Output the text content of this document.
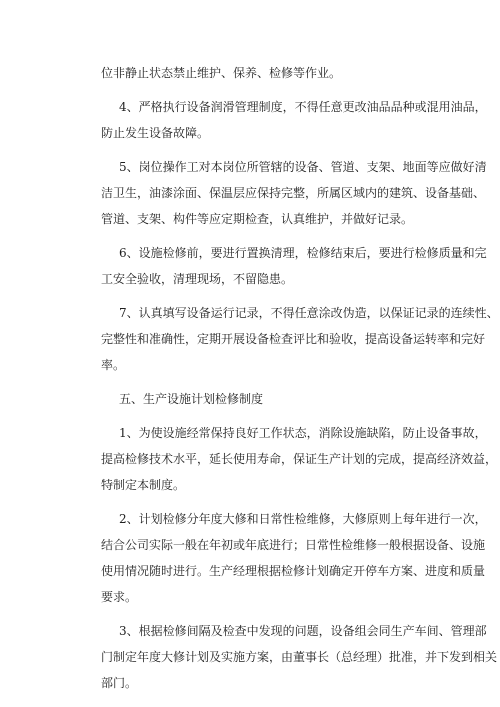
位非静止状态禁止维护、保养、检修等作业。
4、严格执行设备润滑管理制度，不得任意更改油品品种或混用油品，
防止发生设备故障。
5、岗位操作工对本岗位所管辖的设备、管道、支架、地面等应做好清
洁卫生，油漆涂面、保温层应保持完整，所属区域内的建筑、设备基础、
管道、支架、构件等应定期检查，认真维护，并做好记录。
6、设施检修前，要进行置换清理，检修结束后，要进行检修质量和完
工安全验收，清理现场，不留隐患。
7、认真填写设备运行记录，不得任意涂改伪造，以保证记录的连续性、
完整性和准确性，定期开展设备检查评比和验收，提高设备运转率和完好
率。
五、生产设施计划检修制度
1、为使设施经常保持良好工作状态，消除设施缺陷，防止设备事故，
提高检修技术水平，延长使用寿命，保证生产计划的完成，提高经济效益，
特制定本制度。
2、计划检修分年度大修和日常性检维修，大修原则上每年进行一次，
结合公司实际一般在年初或年底进行；日常性检维修一般根据设备、设施
使用情况随时进行。生产经理根据检修计划确定开停车方案、进度和质量
要求。
3、根据检修间隔及检查中发现的问题，设备组会同生产车间、管理部
门制定年度大修计划及实施方案，由董事长（总经理）批准，并下发到相关
部门。
